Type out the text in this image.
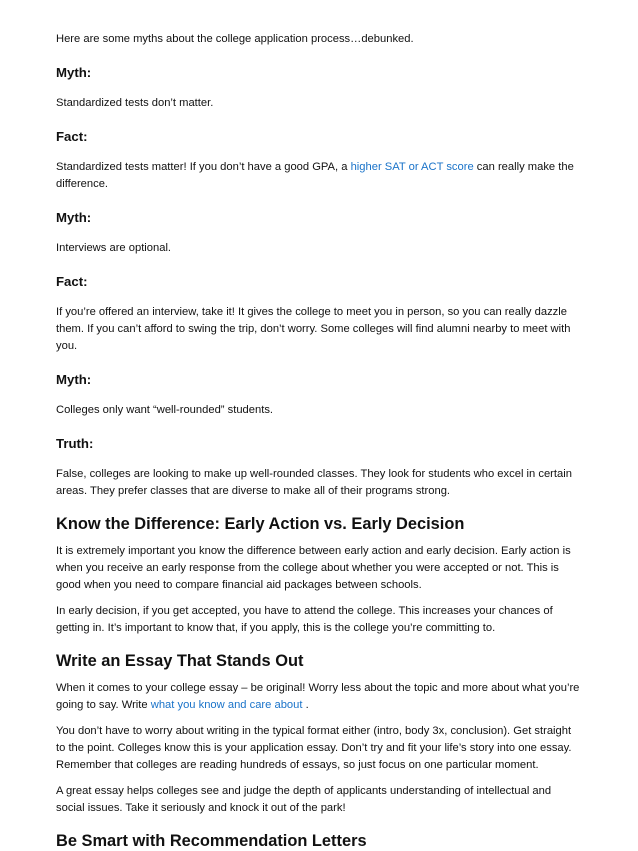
Here are some myths about the college application process…debunked.

Myth:

Standardized tests don’t matter.

Fact:

Standardized tests matter! If you don’t have a good GPA, a higher SAT or ACT score can really make the difference.

Myth:

Interviews are optional.

Fact:

If you’re offered an interview, take it! It gives the college to meet you in person, so you can really dazzle them. If you can’t afford to swing the trip, don’t worry. Some colleges will find alumni nearby to meet with you.

Myth:

Colleges only want “well-rounded” students.

Truth:

False, colleges are looking to make up well-rounded classes. They look for students who excel in certain areas. They prefer classes that are diverse to make all of their programs strong.

Know the Difference: Early Action vs. Early Decision

It is extremely important you know the difference between early action and early decision. Early action is when you receive an early response from the college about whether you were accepted or not. This is good when you need to compare financial aid packages between schools.

In early decision, if you get accepted, you have to attend the college. This increases your chances of getting in. It’s important to know that, if you apply, this is the college you’re committing to.

Write an Essay That Stands Out

When it comes to your college essay – be original! Worry less about the topic and more about what you’re going to say. Write what you know and care about .

You don’t have to worry about writing in the typical format either (intro, body 3x, conclusion). Get straight to the point. Colleges know this is your application essay. Don’t try and fit your life’s story into one essay. Remember that colleges are reading hundreds of essays, so just focus on one particular moment.

A great essay helps colleges see and judge the depth of applicants understanding of intellectual and social issues. Take it seriously and knock it out of the park!

Be Smart with Recommendation Letters
